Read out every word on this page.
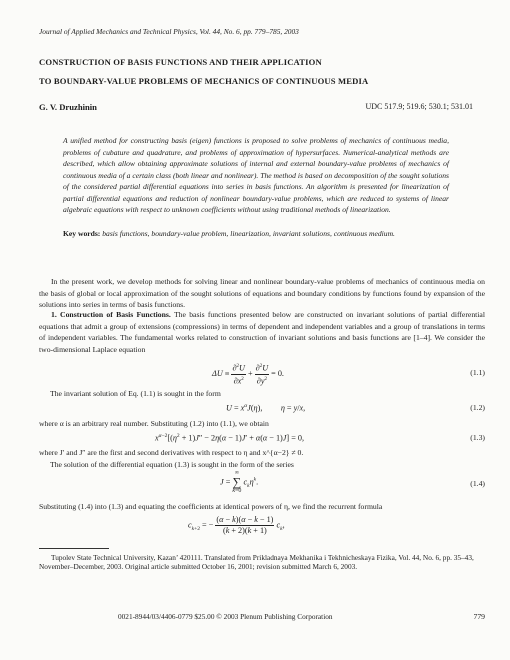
Journal of Applied Mechanics and Technical Physics, Vol. 44, No. 6, pp. 779–785, 2003
CONSTRUCTION OF BASIS FUNCTIONS AND THEIR APPLICATION
TO BOUNDARY-VALUE PROBLEMS OF MECHANICS OF CONTINUOUS MEDIA
G. V. Druzhinin	UDC 517.9; 519.6; 530.1; 531.01
A unified method for constructing basis (eigen) functions is proposed to solve problems of mechanics of continuous media, problems of cubature and quadrature, and problems of approximation of hypersurfaces. Numerical-analytical methods are described, which allow obtaining approximate solutions of internal and external boundary-value problems of mechanics of continuous media of a certain class (both linear and nonlinear). The method is based on decomposition of the sought solutions of the considered partial differential equations into series in basis functions. An algorithm is presented for linearization of partial differential equations and reduction of nonlinear boundary-value problems, which are reduced to systems of linear algebraic equations with respect to unknown coefficients without using traditional methods of linearization.
Key words: basis functions, boundary-value problem, linearization, invariant solutions, continuous medium.
In the present work, we develop methods for solving linear and nonlinear boundary-value problems of mechanics of continuous media on the basis of global or local approximation of the sought solutions of equations and boundary conditions by functions found by expansion of the solutions into series in terms of basis functions.
1. Construction of Basis Functions. The basis functions presented below are constructed on invariant solutions of partial differential equations that admit a group of extensions (compressions) in terms of dependent and independent variables and a group of translations in terms of independent variables. The fundamental works related to construction of invariant solutions and basis functions are [1–4]. We consider the two-dimensional Laplace equation
$\Delta U \equiv \frac{\partial^2U}{\partial x^2} + \frac{\partial^2U}{\partial y^2} = 0$.	(1.1)
The invariant solution of Eq. (1.1) is sought in the form
$U = x^\alpha J(\eta)$,         η = y/x,	(1.2)
where α is an arbitrary real number. Substituting (1.2) into (1.1), we obtain
$x^{\alpha-2}[(\eta^2 + 1)J'' - 2\eta(\alpha - 1)J' + \alpha(\alpha - 1)J] = 0$,	(1.3)
where J′ and J″ are the first and second derivatives with respect to η and x^{α−2} ≠ 0.
The solution of the differential equation (1.3) is sought in the form of the series
J =
∞
∑
k=0
$c_k\eta^k$.	(1.4)
Substituting (1.4) into (1.3) and equating the coefficients at identical powers of η, we find the recurrent formula
$c_{k+2}$ = − $\frac{(\alpha - k)(\alpha - k - 1)}{(k + 2)(k + 1)} c_k$,
Tupolev State Technical University, Kazan’ 420111. Translated from Prikladnaya Mekhanika i Tekhnicheskaya Fizika, Vol. 44, No. 6, pp. 35–43, November–December, 2003. Original article submitted October 16, 2001; revision submitted March 6, 2003.
0021-8944/03/4406-0779 $25.00 © 2003 Plenum Publishing Corporation	779
